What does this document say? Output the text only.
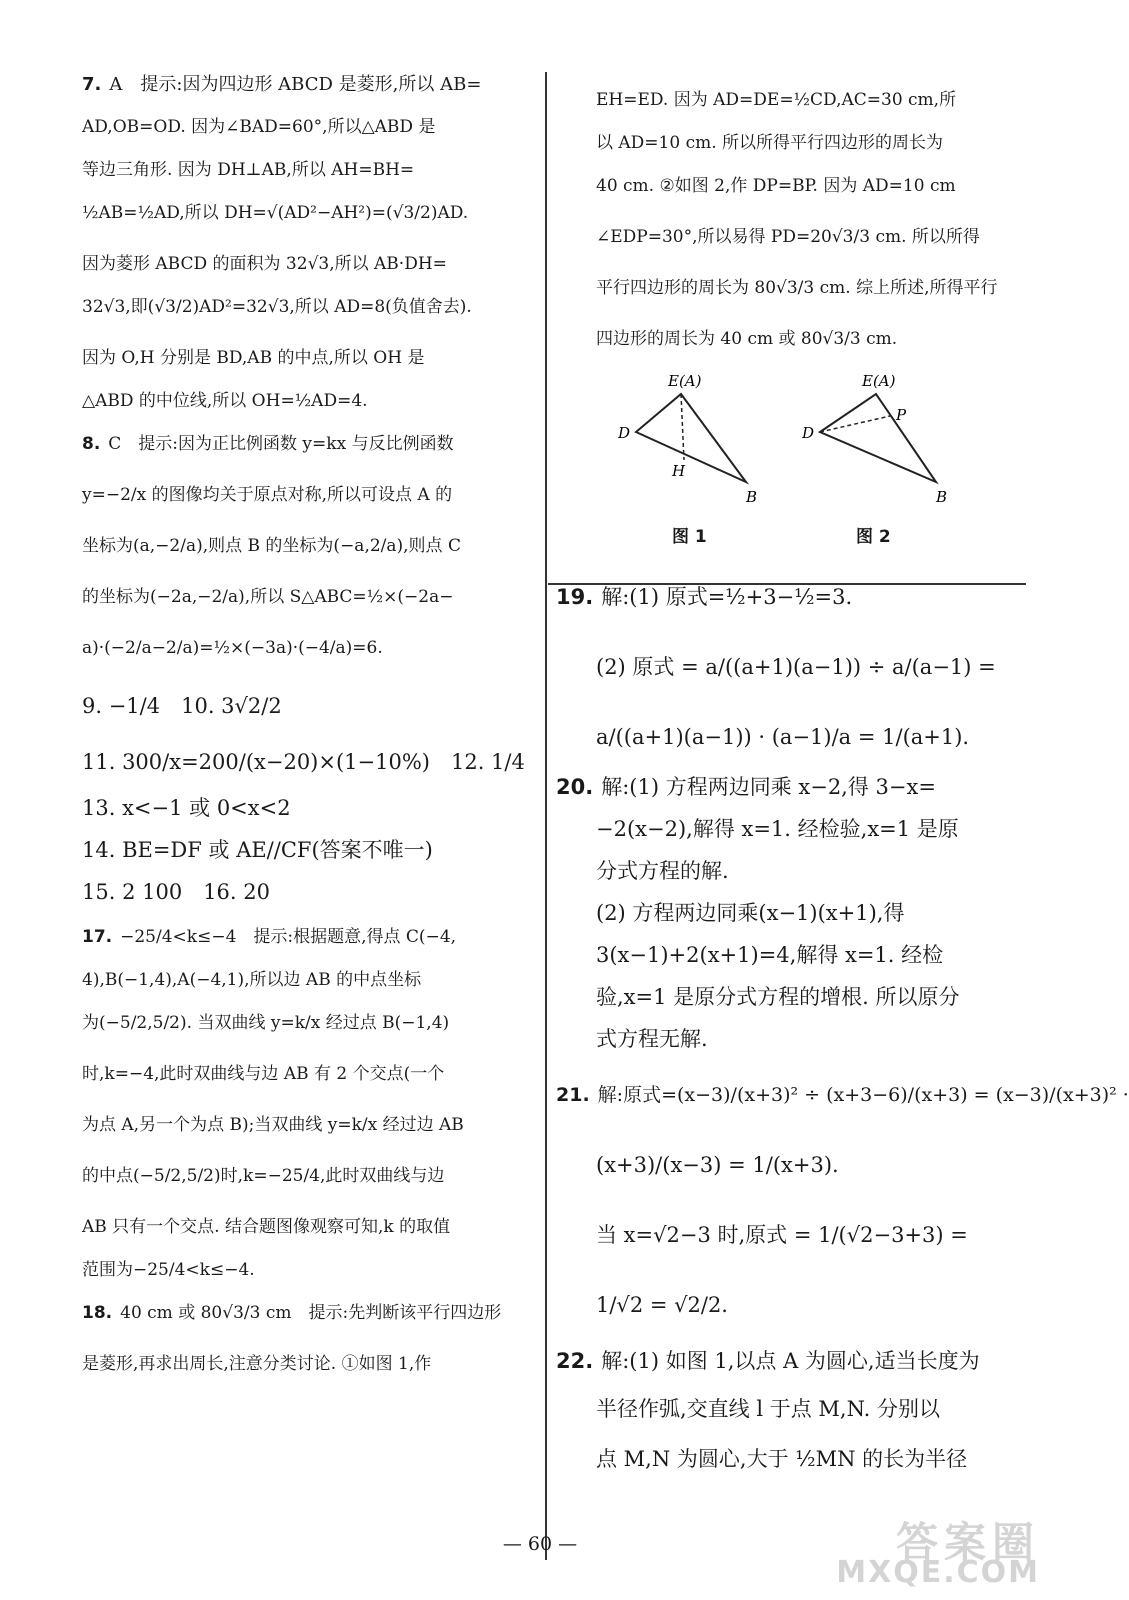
7. A　提示:因为四边形 ABCD 是菱形,所以 AB=
AD,OB=OD. 因为∠BAD=60°,所以△ABD 是
等边三角形. 因为 DH⊥AB,所以 AH=BH=
½AB=½AD,所以 DH=√(AD²−AH²)=(√3/2)AD.
因为菱形 ABCD 的面积为 32√3,所以 AB·DH=
32√3,即(√3/2)AD²=32√3,所以 AD=8(负值舍去).
因为 O,H 分别是 BD,AB 的中点,所以 OH 是
△ABD 的中位线,所以 OH=½AD=4.
8. C　提示:因为正比例函数 y=kx 与反比例函数
y=−2/x 的图像均关于原点对称,所以可设点 A 的
坐标为(a,−2/a),则点 B 的坐标为(−a,2/a),则点 C
的坐标为(−2a,−2/a),所以 S△ABC=½×(−2a−
a)·(−2/a−2/a)=½×(−3a)·(−4/a)=6.
9. −1/4　10. 3√2/2
11. 300/x=200/(x−20)×(1−10%)　12. 1/4
13. x<−1 或 0<x<2
14. BE=DF 或 AE//CF(答案不唯一)
15. 2 100　16. 20
17. −25/4<k≤−4　提示:根据题意,得点 C(−4,
4),B(−1,4),A(−4,1),所以边 AB 的中点坐标
为(−5/2,5/2). 当双曲线 y=k/x 经过点 B(−1,4)
时,k=−4,此时双曲线与边 AB 有 2 个交点(一个
为点 A,另一个为点 B);当双曲线 y=k/x 经过边 AB
的中点(−5/2,5/2)时,k=−25/4,此时双曲线与边
AB 只有一个交点. 结合题图像观察可知,k 的取值
范围为−25/4<k≤−4.
18. 40 cm 或 80√3/3 cm　提示:先判断该平行四边形
是菱形,再求出周长,注意分类讨论. ①如图 1,作
EH=ED. 因为 AD=DE=½CD,AC=30 cm,所
以 AD=10 cm. 所以所得平行四边形的周长为
40 cm. ②如图 2,作 DP=BP. 因为 AD=10 cm
∠EDP=30°,所以易得 PD=20√3/3 cm. 所以所得
平行四边形的周长为 80√3/3 cm. 综上所述,所得平行
四边形的周长为 40 cm 或 80√3/3 cm.
E(A)
D
H
B
E(A)
D
P
B
图 1	图 2
19. 解:(1) 原式=½+3−½=3.
(2) 原式 = a/((a+1)(a−1)) ÷ a/(a−1) =
a/((a+1)(a−1)) · (a−1)/a = 1/(a+1).
20. 解:(1) 方程两边同乘 x−2,得 3−x=
−2(x−2),解得 x=1. 经检验,x=1 是原
分式方程的解.
(2) 方程两边同乘(x−1)(x+1),得
3(x−1)+2(x+1)=4,解得 x=1. 经检
验,x=1 是原分式方程的增根. 所以原分
式方程无解.
21. 解:原式=(x−3)/(x+3)² ÷ (x+3−6)/(x+3) = (x−3)/(x+3)² ·
(x+3)/(x−3) = 1/(x+3).
当 x=√2−3 时,原式 = 1/(√2−3+3) =
1/√2 = √2/2.
22. 解:(1) 如图 1,以点 A 为圆心,适当长度为
半径作弧,交直线 l 于点 M,N. 分别以
点 M,N 为圆心,大于 ½MN 的长为半径
— 60 —	答案圈
MXQE.COM
